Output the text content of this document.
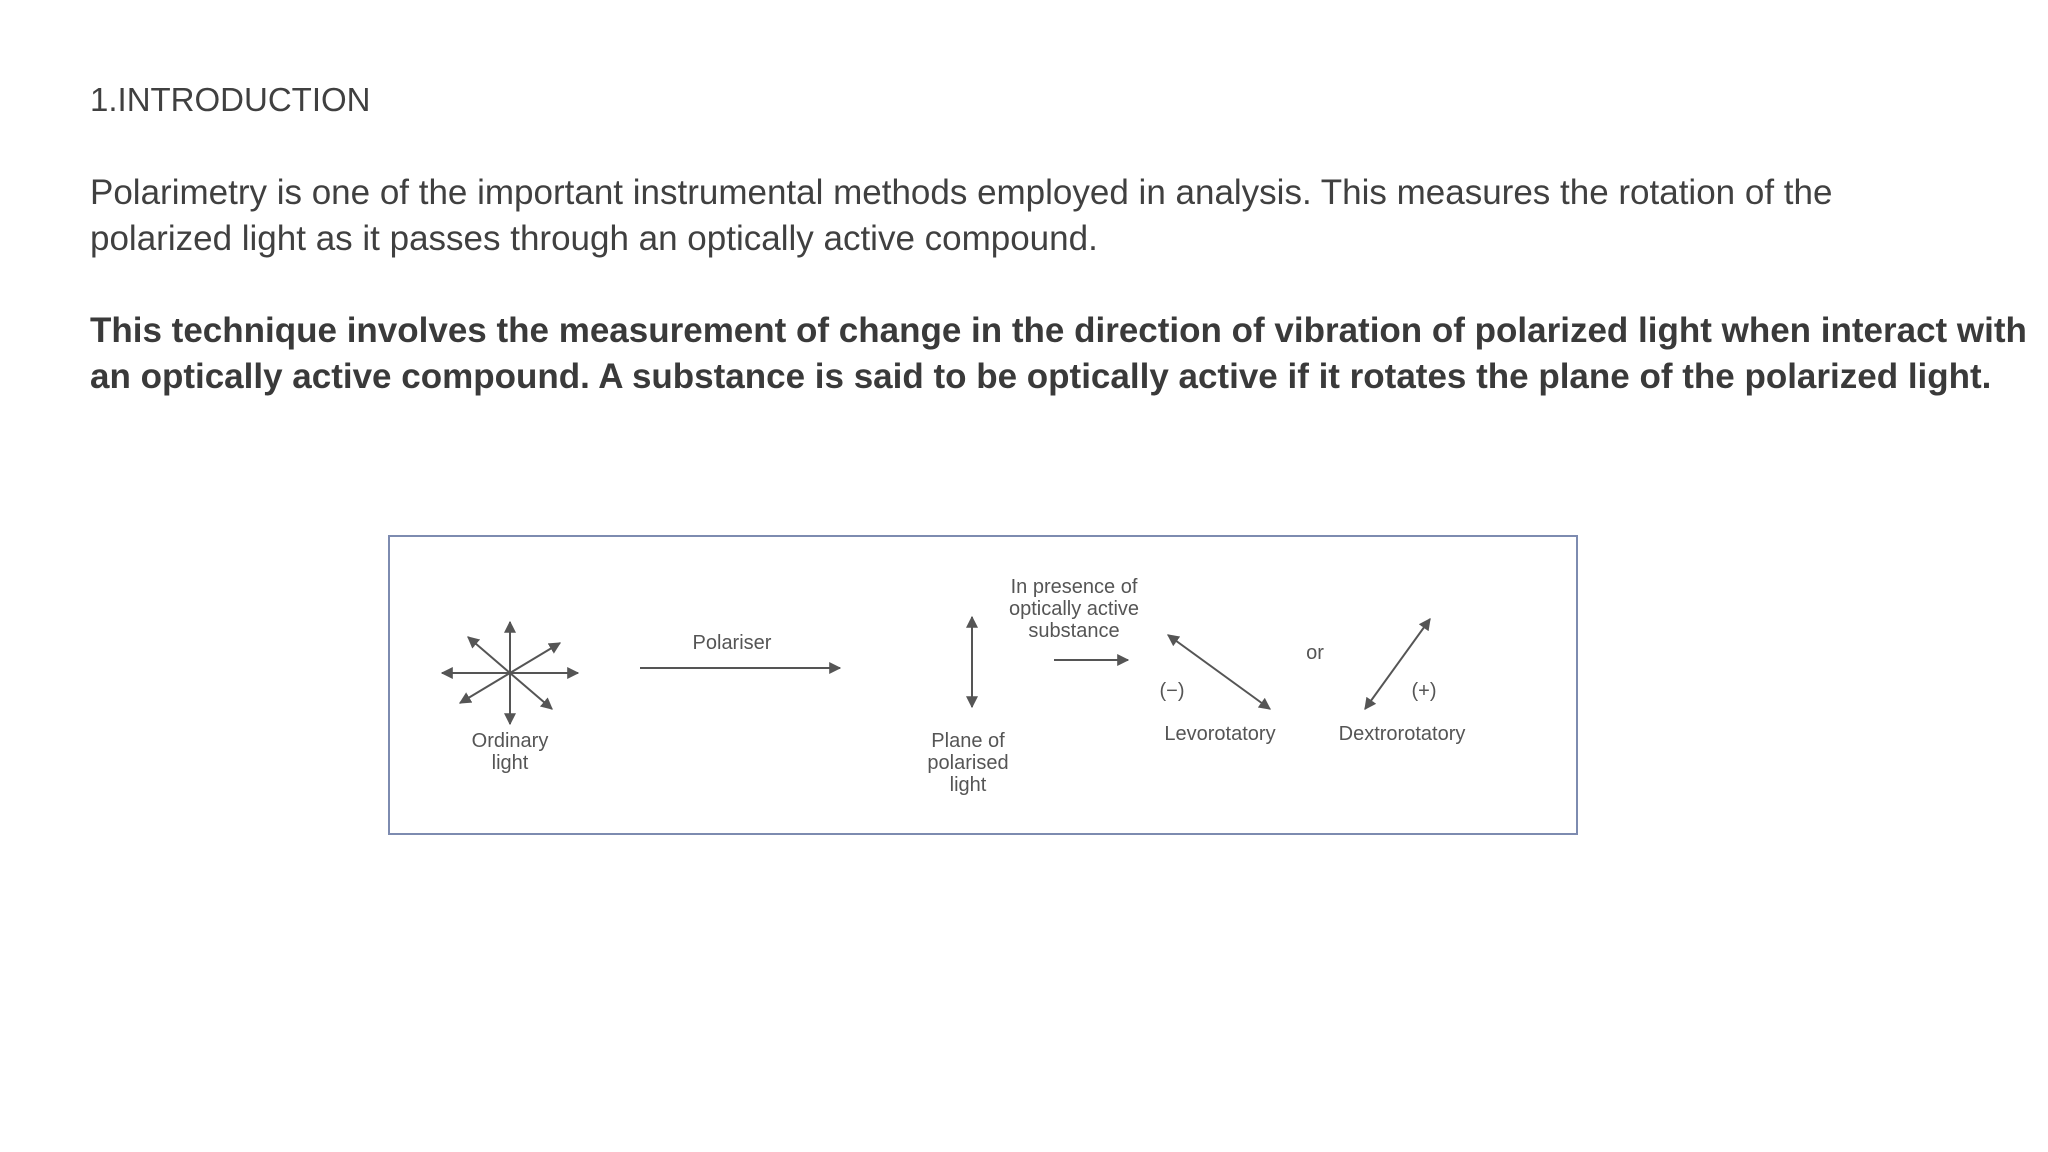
1.INTRODUCTION
Polarimetry is one of the important instrumental methods employed in analysis. This measures the rotation of the
polarized light as it passes through an optically active compound.
This technique involves the measurement of change in the direction of vibration of polarized light when interact with
an optically active compound. A substance is said to be optically active if it rotates the plane of the polarized light.
Ordinary
light
Polariser
Plane of
polarised
light
In presence of
optically active
substance
(−)
Levorotatory
or
(+)
Dextrorotatory
